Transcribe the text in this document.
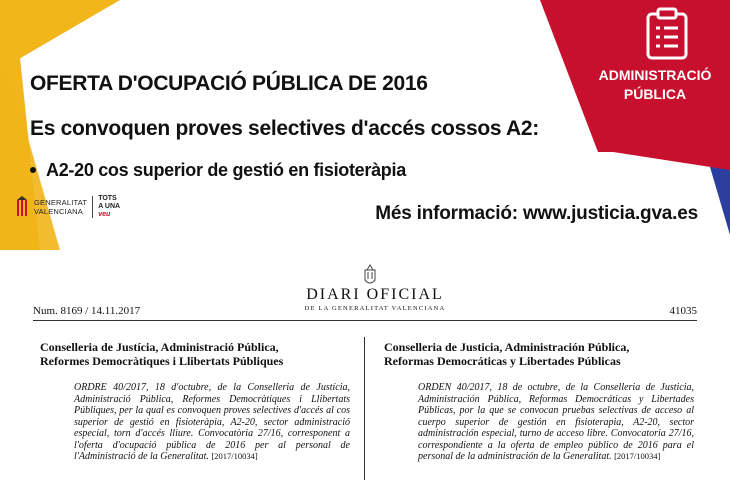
ADMINISTRACIÓ
PÚBLICA
OFERTA D'OCUPACIÓ PÚBLICA DE 2016
Es convoquen proves selectives d'accés cossos A2:
A2-20 cos superior de gestió en fisioteràpia
GENERALITAT
VALENCIANA
TOTS
A UNA
veu	Més informació: www.justicia.gva.es
Num. 8169 / 14.11.2017
DIARI OFICIAL
DE LA GENERALITAT VALENCIANA	41035
Conselleria de Justícia, Administració Pública,
Reformes Democràtiques i Llibertats Públiques
ORDRE 40/2017, 18 d'octubre, de la Conselleria de Justícia, Administració Pública, Reformes Democràtiques i Llibertats Públiques, per la qual es convoquen proves selectives d'accés al cos superior de gestió en fisioteràpia, A2-20, sector administració especial, torn d'accés lliure. Convocatòria 27/16, corresponent a l'oferta d'ocupació pública de 2016 per al personal de l'Administració de la Generalitat. [2017/10034]
Conselleria de Justicia, Administración Pública,
Reformas Democráticas y Libertades Públicas
ORDEN 40/2017, 18 de octubre, de la Conselleria de Justicia, Administración Pública, Reformas Democráticas y Libertades Públicas, por la que se convocan pruebas selectivas de acceso al cuerpo superior de gestión en fisioterapia, A2-20, sector administración especial, turno de acceso libre. Convocatoria 27/16, correspondiente a la oferta de empleo público de 2016 para el personal de la administración de la Generalitat. [2017/10034]
